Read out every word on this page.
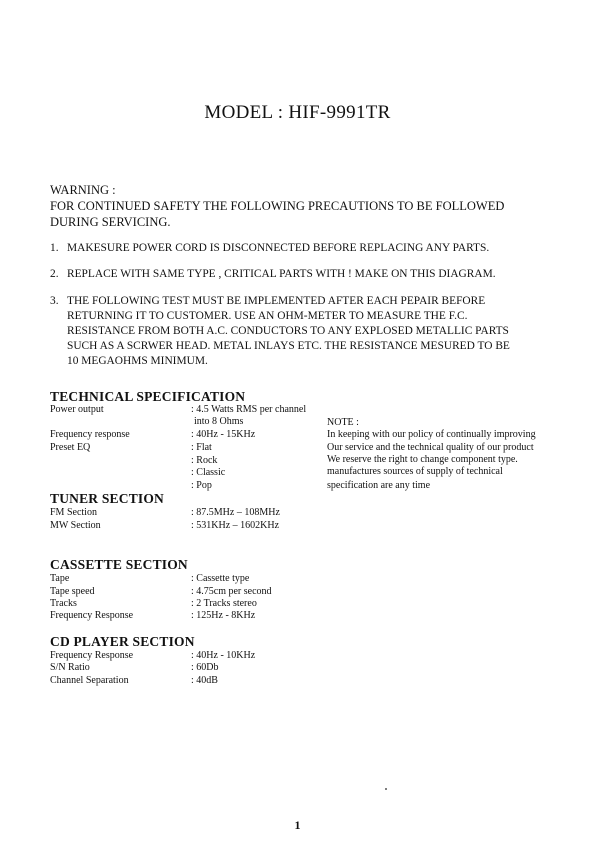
MODEL : HIF-9991TR
WARNING :
FOR CONTINUED SAFETY THE FOLLOWING PRECAUTIONS TO BE FOLLOWED
DURING SERVICING.
1. MAKESURE POWER CORD IS DISCONNECTED BEFORE REPLACING ANY PARTS.
2. REPLACE WITH SAME TYPE , CRITICAL PARTS WITH ! MAKE ON THIS DIAGRAM.
3. THE FOLLOWING TEST MUST BE IMPLEMENTED AFTER EACH PEPAIR BEFORE
RETURNING IT TO CUSTOMER. USE AN OHM-METER TO MEASURE THE F.C.
RESISTANCE FROM BOTH A.C. CONDUCTORS TO ANY EXPLOSED METALLIC PARTS
SUCH AS A SCRWER HEAD. METAL INLAYS ETC. THE RESISTANCE MESURED TO BE
10 MEGAOHMS MINIMUM.
TECHNICAL SPECIFICATION
Power output	: 4.5 Watts RMS per channel
into 8 Ohms
Frequency response	: 40Hz - 15KHz
Preset EQ	: Flat
: Rock
: Classic
: Pop
NOTE :
In keeping with our policy of continually improving
Our service and the technical quality of our product
We reserve the right to change component type.
manufactures sources of supply of technical
specification are any time
TUNER SECTION
FM Section	: 87.5MHz – 108MHz
MW Section	: 531KHz – 1602KHz
CASSETTE SECTION
Tape	: Cassette type
Tape speed	: 4.75cm per second
Tracks	: 2 Tracks stereo
Frequency Response	: 125Hz - 8KHz
CD PLAYER SECTION
Frequency Response	: 40Hz - 10KHz
S/N Ratio	: 60Db
Channel Separation	: 40dB
1
